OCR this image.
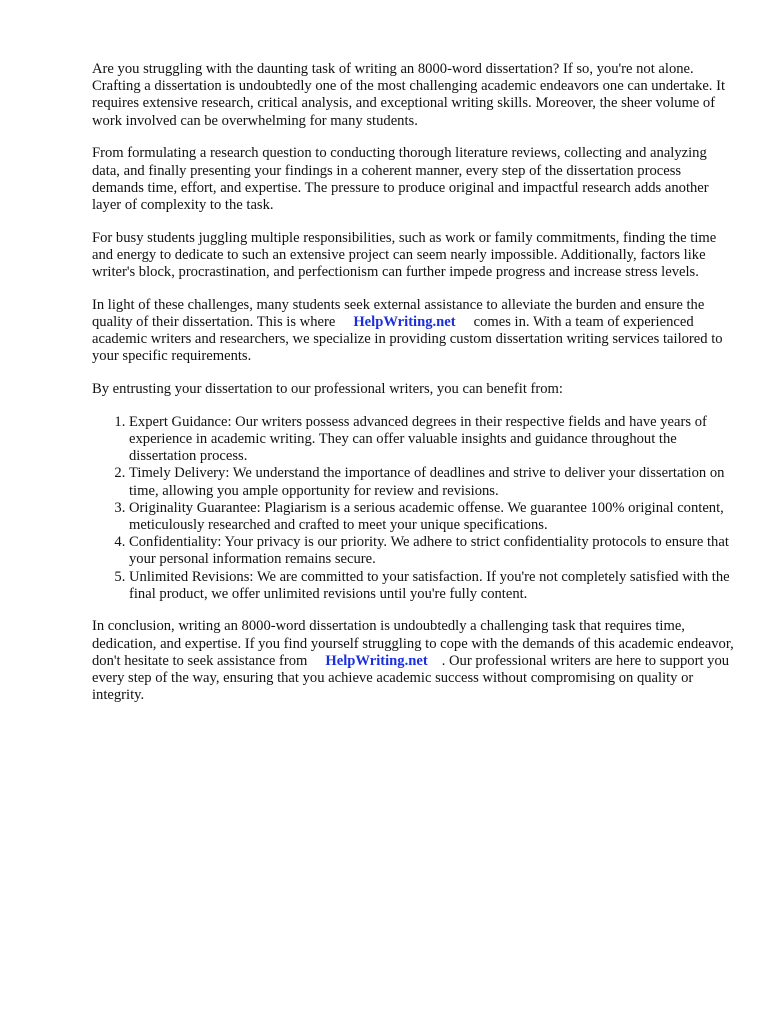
Are you struggling with the daunting task of writing an 8000-word dissertation? If so, you're not alone. Crafting a dissertation is undoubtedly one of the most challenging academic endeavors one can undertake. It requires extensive research, critical analysis, and exceptional writing skills. Moreover, the sheer volume of work involved can be overwhelming for many students.

From formulating a research question to conducting thorough literature reviews, collecting and analyzing data, and finally presenting your findings in a coherent manner, every step of the dissertation process demands time, effort, and expertise. The pressure to produce original and impactful research adds another layer of complexity to the task.

For busy students juggling multiple responsibilities, such as work or family commitments, finding the time and energy to dedicate to such an extensive project can seem nearly impossible. Additionally, factors like writer's block, procrastination, and perfectionism can further impede progress and increase stress levels.

In light of these challenges, many students seek external assistance to alleviate the burden and ensure the quality of their dissertation. This is where HelpWriting.net comes in. With a team of experienced academic writers and researchers, we specialize in providing custom dissertation writing services tailored to your specific requirements.

By entrusting your dissertation to our professional writers, you can benefit from:

1. Expert Guidance: Our writers possess advanced degrees in their respective fields and have years of experience in academic writing. They can offer valuable insights and guidance throughout the dissertation process.
2. Timely Delivery: We understand the importance of deadlines and strive to deliver your dissertation on time, allowing you ample opportunity for review and revisions.
3. Originality Guarantee: Plagiarism is a serious academic offense. We guarantee 100% original content, meticulously researched and crafted to meet your unique specifications.
4. Confidentiality: Your privacy is our priority. We adhere to strict confidentiality protocols to ensure that your personal information remains secure.
5. Unlimited Revisions: We are committed to your satisfaction. If you're not completely satisfied with the final product, we offer unlimited revisions until you're fully content.

In conclusion, writing an 8000-word dissertation is undoubtedly a challenging task that requires time, dedication, and expertise. If you find yourself struggling to cope with the demands of this academic endeavor, don't hesitate to seek assistance from HelpWriting.net . Our professional writers are here to support you every step of the way, ensuring that you achieve academic success without compromising on quality or integrity.
